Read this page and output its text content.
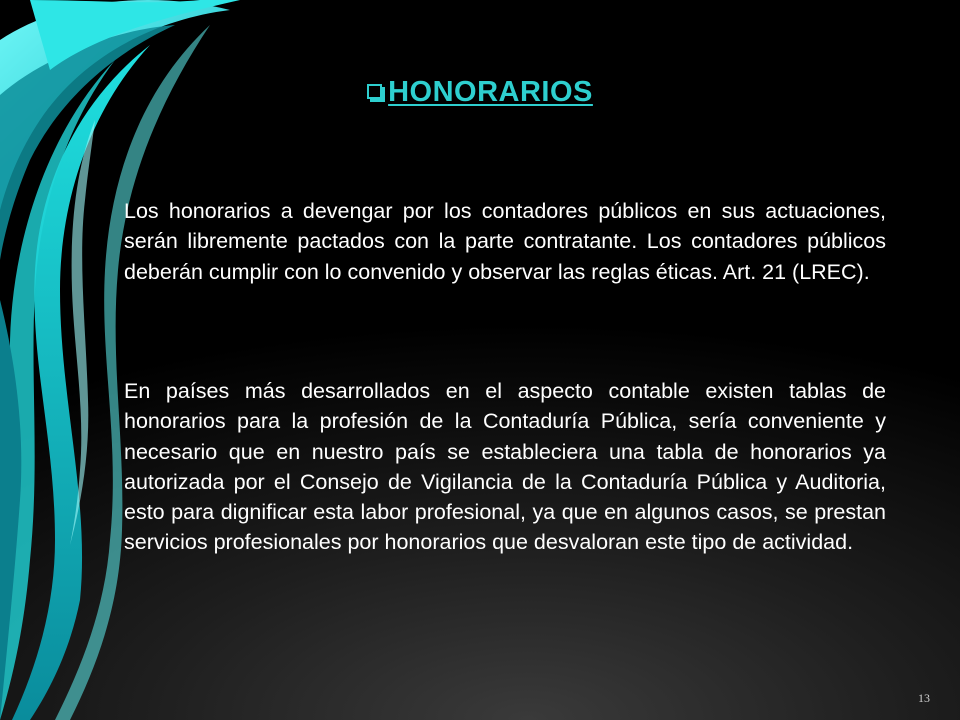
HONORARIOS

Los honorarios a devengar por los contadores públicos en sus actuaciones, serán libremente pactados con la parte contratante. Los contadores públicos deberán cumplir con lo convenido y observar las reglas éticas. Art. 21 (LREC).

En países más desarrollados en el aspecto contable existen tablas de honorarios para la profesión de la Contaduría Pública, sería conveniente y necesario que en nuestro país se estableciera una tabla de honorarios ya autorizada por el Consejo de Vigilancia de la Contaduría Pública y Auditoria, esto para dignificar esta labor profesional, ya que en algunos casos, se prestan servicios profesionales por honorarios que desvaloran este tipo de actividad.

13
